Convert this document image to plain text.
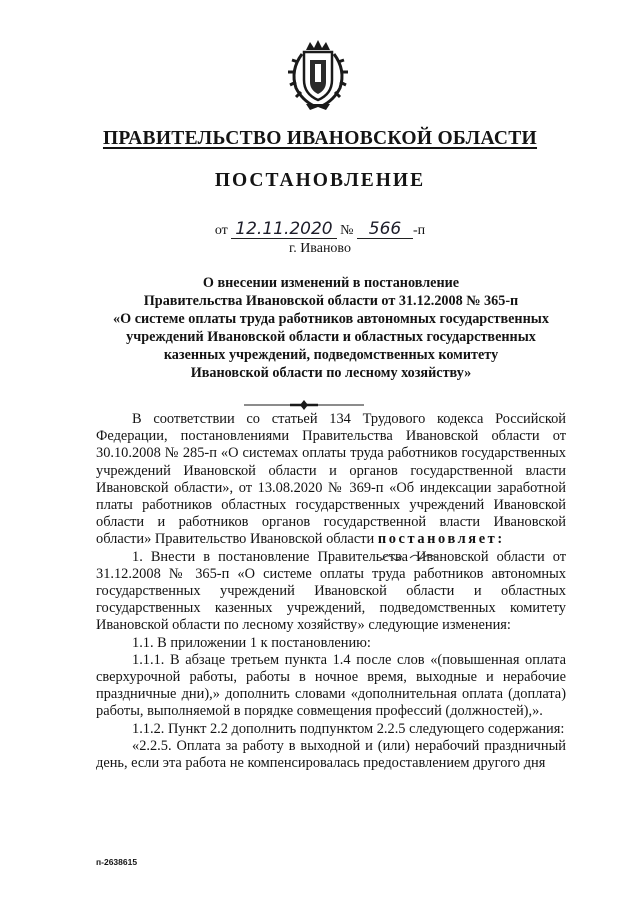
ПРАВИТЕЛЬСТВО ИВАНОВСКОЙ ОБЛАСТИ
ПОСТАНОВЛЕНИЕ
от 12.11.2020 № 566 -п
г. Иваново
О внесении изменений в постановление
Правительства Ивановской области от 31.12.2008 № 365-п
«О системе оплаты труда работников автономных государственных
учреждений Ивановской области и областных государственных
казенных учреждений, подведомственных комитету
Ивановской области по лесному хозяйству»

В соответствии со статьей 134 Трудового кодекса Российской Федерации, постановлениями Правительства Ивановской области от 30.10.2008 № 285-п «О системах оплаты труда работников государственных учреждений Ивановской области и органов государственной власти Ивановской области», от 13.08.2020 № 369-п «Об индексации заработной платы работников областных государственных учреждений Ивановской области и работников органов государственной власти Ивановской области» Правительство Ивановской области постановляет:

1. Внести в постановление Правительства Ивановской области от 31.12.2008 № 365-п «О системе оплаты труда работников автономных государственных учреждений Ивановской области и областных государственных казенных учреждений, подведомственных комитету Ивановской области по лесному хозяйству» следующие изменения:

1.1. В приложении 1 к постановлению:

1.1.1. В абзаце третьем пункта 1.4 после слов «(повышенная оплата сверхурочной работы, работы в ночное время, выходные и нерабочие праздничные дни),» дополнить словами «дополнительная оплата (доплата) работы, выполняемой в порядке совмещения профессий (должностей),».

1.1.2. Пункт 2.2 дополнить подпунктом 2.2.5 следующего содержания:

«2.2.5. Оплата за работу в выходной и (или) нерабочий праздничный день, если эта работа не компенсировалась предоставлением другого дня

п-2638615
